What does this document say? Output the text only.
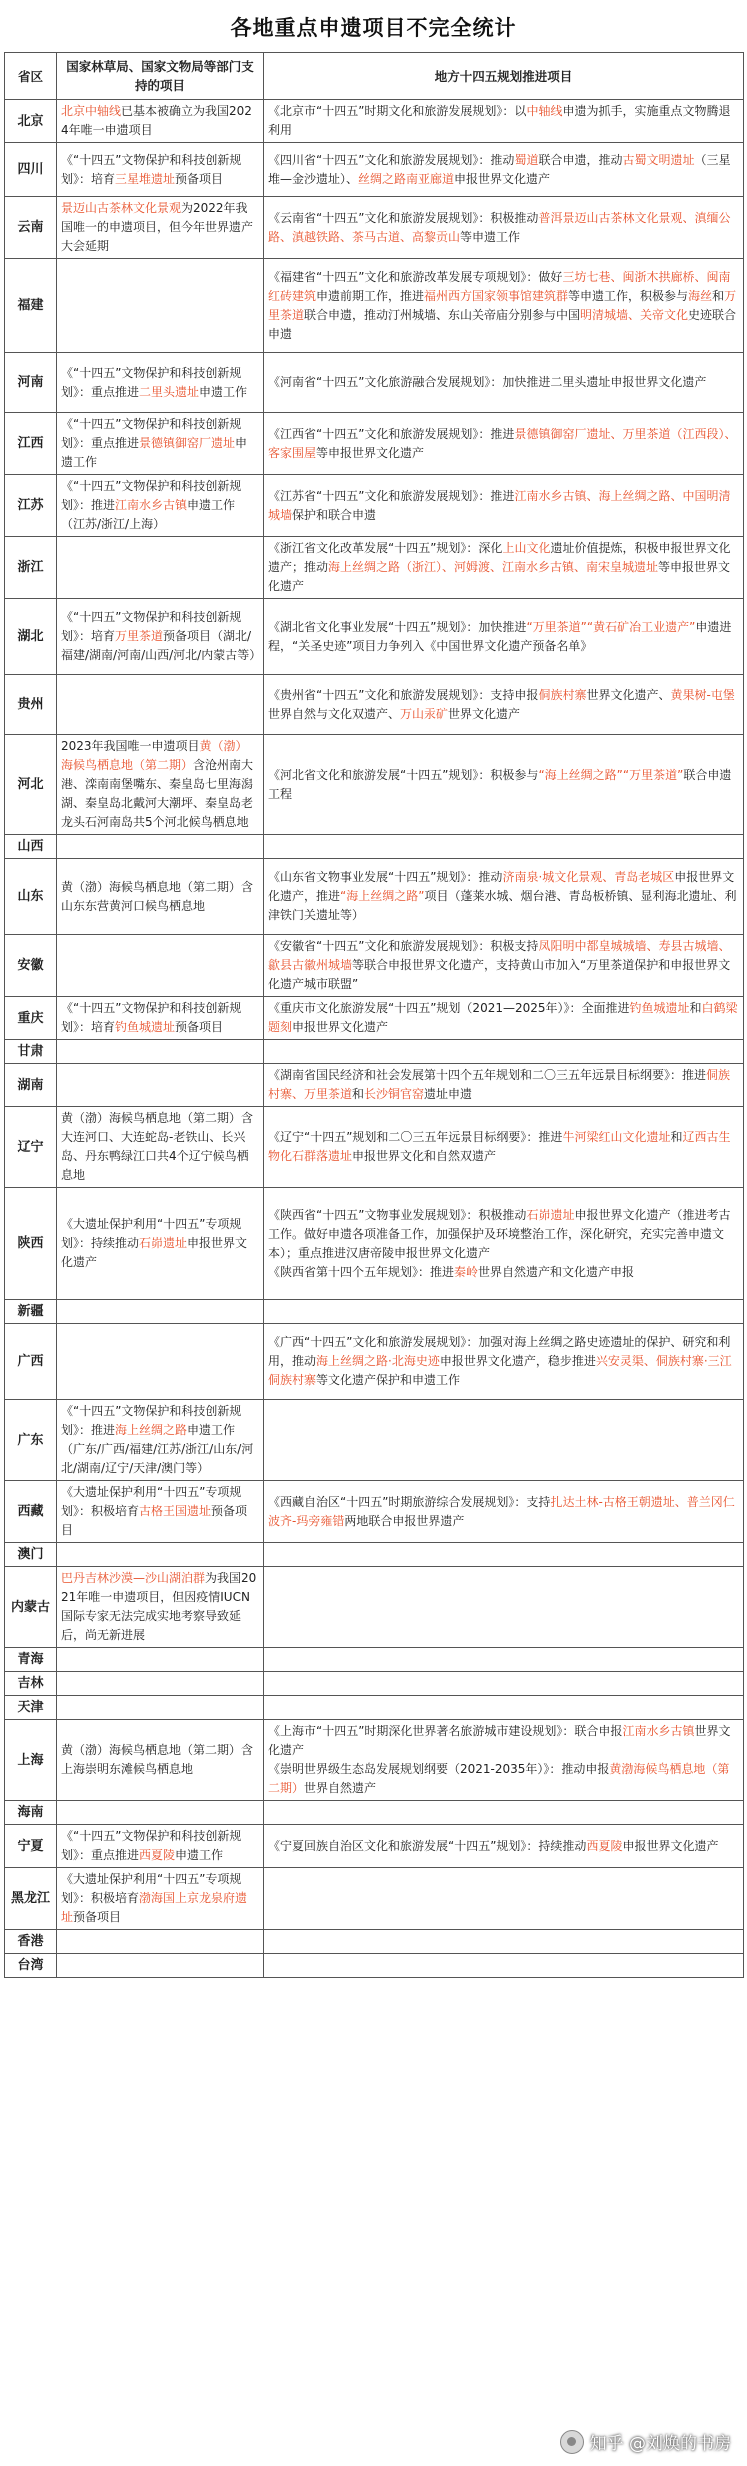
各地重点申遗项目不完全统计
省区	国家林草局、国家文物局等部门支持的项目	地方十四五规划推进项目
北京	北京中轴线已基本被确立为我国2024年唯一申遗项目	《北京市“十四五”时期文化和旅游发展规划》：以中轴线申遗为抓手，实施重点文物腾退利用
四川	《“十四五”文物保护和科技创新规划》：培育三星堆遗址预备项目	《四川省“十四五”文化和旅游发展规划》：推动蜀道联合申遗，推动古蜀文明遗址（三星堆—金沙遗址）、丝绸之路南亚廊道申报世界文化遗产
云南	景迈山古茶林文化景观为2022年我国唯一的申遗项目，但今年世界遗产大会延期	《云南省“十四五”文化和旅游发展规划》：积极推动普洱景迈山古茶林文化景观、滇缅公路、滇越铁路、茶马古道、高黎贡山等申遗工作
福建		《福建省“十四五”文化和旅游改革发展专项规划》：做好三坊七巷、闽浙木拱廊桥、闽南红砖建筑申遗前期工作，推进福州西方国家领事馆建筑群等申遗工作，积极参与海丝和万里茶道联合申遗，推动汀州城墙、东山关帝庙分别参与中国明清城墙、关帝文化史迹联合申遗
河南	《“十四五”文物保护和科技创新规划》：重点推进二里头遗址申遗工作	《河南省“十四五”文化旅游融合发展规划》：加快推进二里头遗址申报世界文化遗产
江西	《“十四五”文物保护和科技创新规划》：重点推进景德镇御窑厂遗址申遗工作	《江西省“十四五”文化和旅游发展规划》：推进景德镇御窑厂遗址、万里茶道（江西段）、客家围屋等申报世界文化遗产
江苏	《“十四五”文物保护和科技创新规划》：推进江南水乡古镇申遗工作（江苏/浙江/上海）	《江苏省“十四五”文化和旅游发展规划》：推进江南水乡古镇、海上丝绸之路、中国明清城墙保护和联合申遗
浙江		《浙江省文化改革发展“十四五”规划》：深化上山文化遗址价值提炼，积极申报世界文化遗产；推动海上丝绸之路（浙江）、河姆渡、江南水乡古镇、南宋皇城遗址等申报世界文化遗产
湖北	《“十四五”文物保护和科技创新规划》：培育万里茶道预备项目（湖北/福建/湖南/河南/山西/河北/内蒙古等）	《湖北省文化事业发展“十四五”规划》：加快推进“万里茶道”“黄石矿冶工业遗产”申遗进程，“关圣史迹”项目力争列入《中国世界文化遗产预备名单》
贵州		《贵州省“十四五”文化和旅游发展规划》：支持申报侗族村寨世界文化遗产、黄果树-屯堡世界自然与文化双遗产、万山汞矿世界文化遗产
河北	2023年我国唯一申遗项目黄（渤）海候鸟栖息地（第二期）含沧州南大港、滦南南堡嘴东、秦皇岛七里海潟湖、秦皇岛北戴河大潮坪、秦皇岛老龙头石河南岛共5个河北候鸟栖息地	《河北省文化和旅游发展“十四五”规划》：积极参与“海上丝绸之路”“万里茶道”联合申遗工程
山西		
山东	黄（渤）海候鸟栖息地（第二期）含山东东营黄河口候鸟栖息地	《山东省文物事业发展“十四五”规划》：推动济南泉·城文化景观、青岛老城区申报世界文化遗产，推进“海上丝绸之路”项目（蓬莱水城、烟台港、青岛板桥镇、显利海北遗址、利津铁门关遗址等）
安徽		《安徽省“十四五”文化和旅游发展规划》：积极支持凤阳明中都皇城城墙、寿县古城墙、歙县古徽州城墙等联合申报世界文化遗产，支持黄山市加入“万里茶道保护和申报世界文化遗产城市联盟”
重庆	《“十四五”文物保护和科技创新规划》：培育钓鱼城遗址预备项目	《重庆市文化旅游发展“十四五”规划（2021—2025年）》：全面推进钓鱼城遗址和白鹤梁题刻申报世界文化遗产
甘肃		
湖南		《湖南省国民经济和社会发展第十四个五年规划和二〇三五年远景目标纲要》：推进侗族村寨、万里茶道和长沙铜官窑遗址申遗
辽宁	黄（渤）海候鸟栖息地（第二期）含大连河口、大连蛇岛-老铁山、长兴岛、丹东鸭绿江口共4个辽宁候鸟栖息地	《辽宁“十四五”规划和二〇三五年远景目标纲要》：推进牛河梁红山文化遗址和辽西古生物化石群落遗址申报世界文化和自然双遗产
陕西	《大遗址保护利用“十四五”专项规划》：持续推动石峁遗址申报世界文化遗产	《陕西省“十四五”文物事业发展规划》：积极推动石峁遗址申报世界文化遗产（推进考古工作。做好申遗各项准备工作，加强保护及环境整治工作，深化研究，充实完善申遗文本）；重点推进汉唐帝陵申报世界文化遗产
《陕西省第十四个五年规划》：推进秦岭世界自然遗产和文化遗产申报
新疆		
广西		《广西“十四五”文化和旅游发展规划》：加强对海上丝绸之路史迹遗址的保护、研究和利用，推动海上丝绸之路·北海史迹申报世界文化遗产，稳步推进兴安灵渠、侗族村寨·三江侗族村寨等文化遗产保护和申遗工作
广东	《“十四五”文物保护和科技创新规划》：推进海上丝绸之路申遗工作（广东/广西/福建/江苏/浙江/山东/河北/湖南/辽宁/天津/澳门等）	
西藏	《大遗址保护利用“十四五”专项规划》：积极培育古格王国遗址预备项目	《西藏自治区“十四五”时期旅游综合发展规划》：支持扎达土林-古格王朝遗址、普兰冈仁波齐-玛旁雍错两地联合申报世界遗产
澳门		
内蒙古	巴丹吉林沙漠—沙山湖泊群为我国2021年唯一申遗项目，但因疫情IUCN国际专家无法完成实地考察导致延后，尚无新进展	
青海		
吉林		
天津		
上海	黄（渤）海候鸟栖息地（第二期）含上海崇明东滩候鸟栖息地	《上海市“十四五”时期深化世界著名旅游城市建设规划》：联合申报江南水乡古镇世界文化遗产
《崇明世界级生态岛发展规划纲要（2021-2035年）》：推动申报黄渤海候鸟栖息地（第二期）世界自然遗产
海南		
宁夏	《“十四五”文物保护和科技创新规划》：重点推进西夏陵申遗工作	《宁夏回族自治区文化和旅游发展“十四五”规划》：持续推动西夏陵申报世界文化遗产
黑龙江	《大遗址保护利用“十四五”专项规划》：积极培育渤海国上京龙泉府遗址预备项目	
香港		
台湾		
知乎 @刘焕的书房
